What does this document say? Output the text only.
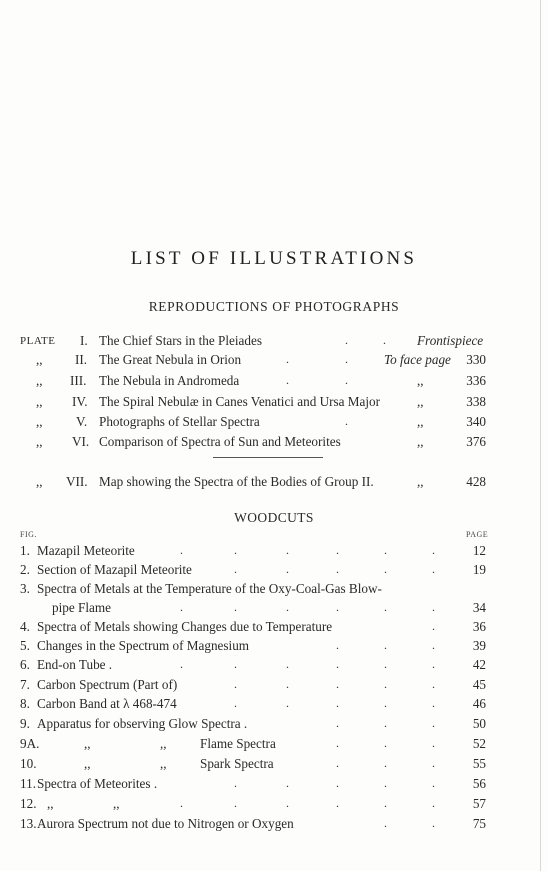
LIST OF ILLUSTRATIONS
REPRODUCTIONS OF PHOTOGRAPHS
PLATE I. The Chief Stars in the Pleiades	.	. Frontispiece
,, II. The Great Nebula in Orion	.	.	To face page	330
,, III. The Nebula in Andromeda	.	.	,,	336
,, IV. The Spiral Nebulæ in Canes Venatici and Ursa Major	,,	338
,,	V. Photographs of Stellar Spectra	.	,,	340
,, VI. Comparison of Spectra of Sun and Meteorites	,,	376
,, VII. Map showing the Spectra of the Bodies of Group II.	,,	428
WOODCUTS
FIG.	PAGE
1. Mazapil Meteorite	.	.	.	.	.	.	12
2. Section of Mazapil Meteorite	.	.	.	.	.	19
3. Spectra of Metals at the Temperature of the Oxy-Coal-Gas Blow-
pipe Flame	.	.	.	.	.	.	34
4. Spectra of Metals showing Changes due to Temperature	.	36
5. Changes in the Spectrum of Magnesium	.	.	.	39
6. End-on Tube .	.	.	.	.	.	.	42
7. Carbon Spectrum (Part of)	.	.	.	.	.	45
8. Carbon Band at λ 468-474	.	.	.	.	.	46
9. Apparatus for observing Glow Spectra .	.	.	.	50
9A.	,,	,,	Flame Spectra	.	.	.	52
10.	,,	,,	Spark Spectra	.	.	.	55
11. Spectra of Meteorites .	.	.	.	.	.	56
12. ,,	,,	.	.	.	.	.	.	57
13. Aurora Spectrum not due to Nitrogen or Oxygen	.	.	75
